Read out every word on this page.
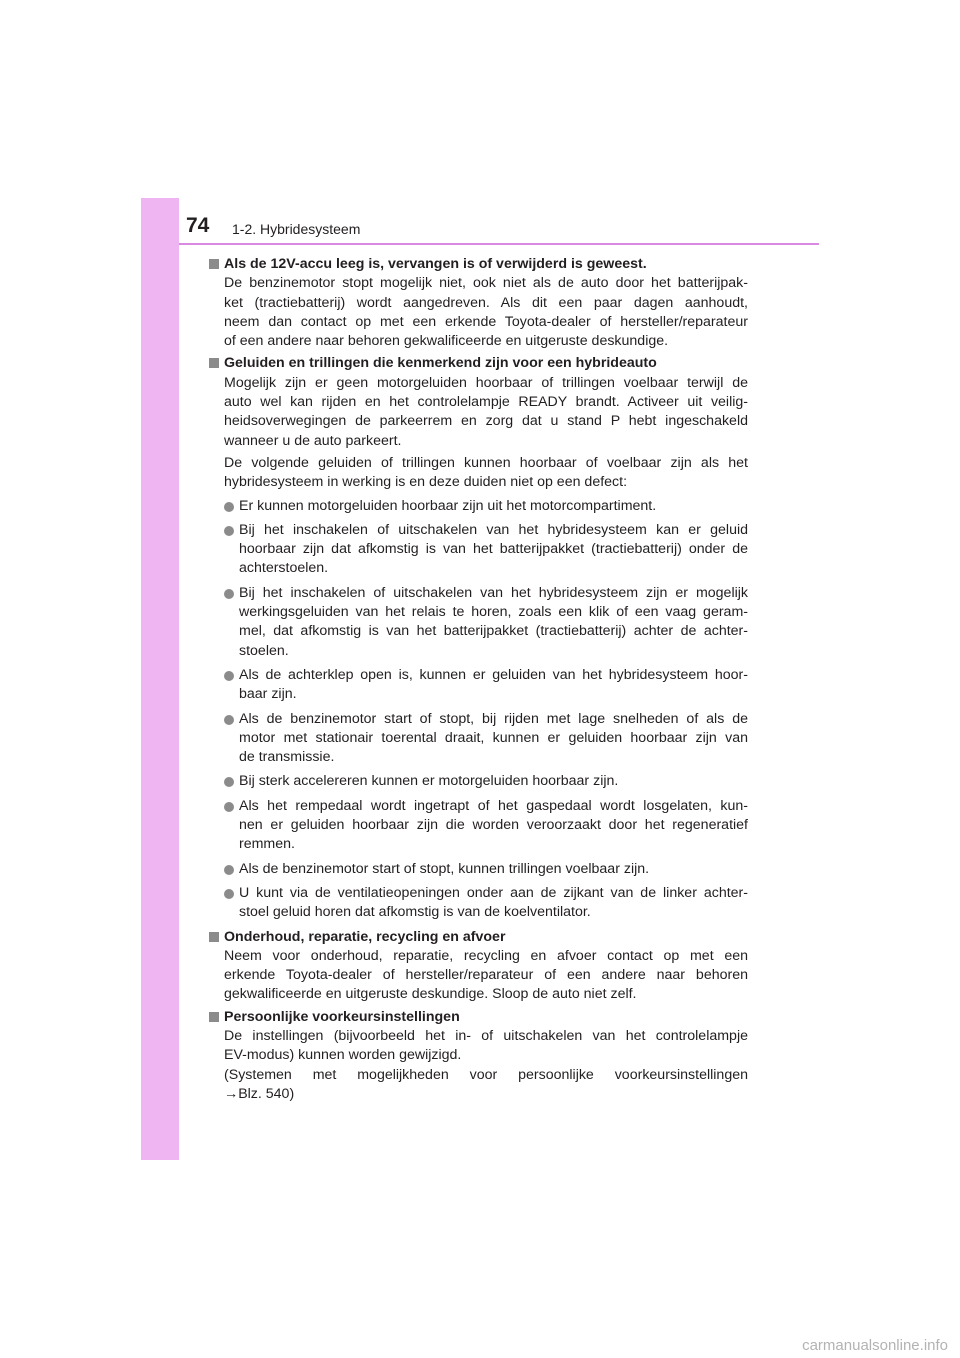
74 1-2. Hybridesysteem
Als de 12V-accu leeg is, vervangen is of verwijderd is geweest.
De benzinemotor stopt mogelijk niet, ook niet als de auto door het batterijpak-
ket (tractiebatterij) wordt aangedreven. Als dit een paar dagen aanhoudt,
neem dan contact op met een erkende Toyota-dealer of hersteller/reparateur
of een andere naar behoren gekwalificeerde en uitgeruste deskundige.
Geluiden en trillingen die kenmerkend zijn voor een hybrideauto
Mogelijk zijn er geen motorgeluiden hoorbaar of trillingen voelbaar terwijl de
auto wel kan rijden en het controlelampje READY brandt. Activeer uit veilig-
heidsoverwegingen de parkeerrem en zorg dat u stand P hebt ingeschakeld
wanneer u de auto parkeert.
De volgende geluiden of trillingen kunnen hoorbaar of voelbaar zijn als het
hybridesysteem in werking is en deze duiden niet op een defect:
Er kunnen motorgeluiden hoorbaar zijn uit het motorcompartiment.
Bij het inschakelen of uitschakelen van het hybridesysteem kan er geluid
hoorbaar zijn dat afkomstig is van het batterijpakket (tractiebatterij) onder de
achterstoelen.
Bij het inschakelen of uitschakelen van het hybridesysteem zijn er mogelijk
werkingsgeluiden van het relais te horen, zoals een klik of een vaag geram-
mel, dat afkomstig is van het batterijpakket (tractiebatterij) achter de achter-
stoelen.
Als de achterklep open is, kunnen er geluiden van het hybridesysteem hoor-
baar zijn.
Als de benzinemotor start of stopt, bij rijden met lage snelheden of als de
motor met stationair toerental draait, kunnen er geluiden hoorbaar zijn van
de transmissie.
Bij sterk accelereren kunnen er motorgeluiden hoorbaar zijn.
Als het rempedaal wordt ingetrapt of het gaspedaal wordt losgelaten, kun-
nen er geluiden hoorbaar zijn die worden veroorzaakt door het regeneratief
remmen.
Als de benzinemotor start of stopt, kunnen trillingen voelbaar zijn.
U kunt via de ventilatieopeningen onder aan de zijkant van de linker achter-
stoel geluid horen dat afkomstig is van de koelventilator.
Onderhoud, reparatie, recycling en afvoer
Neem voor onderhoud, reparatie, recycling en afvoer contact op met een
erkende Toyota-dealer of hersteller/reparateur of een andere naar behoren
gekwalificeerde en uitgeruste deskundige. Sloop de auto niet zelf.
Persoonlijke voorkeursinstellingen
De instellingen (bijvoorbeeld het in- of uitschakelen van het controlelampje
EV-modus) kunnen worden gewijzigd.
(Systemen met mogelijkheden voor persoonlijke voorkeursinstellingen
→Blz. 540)
carmanualsonline.info
